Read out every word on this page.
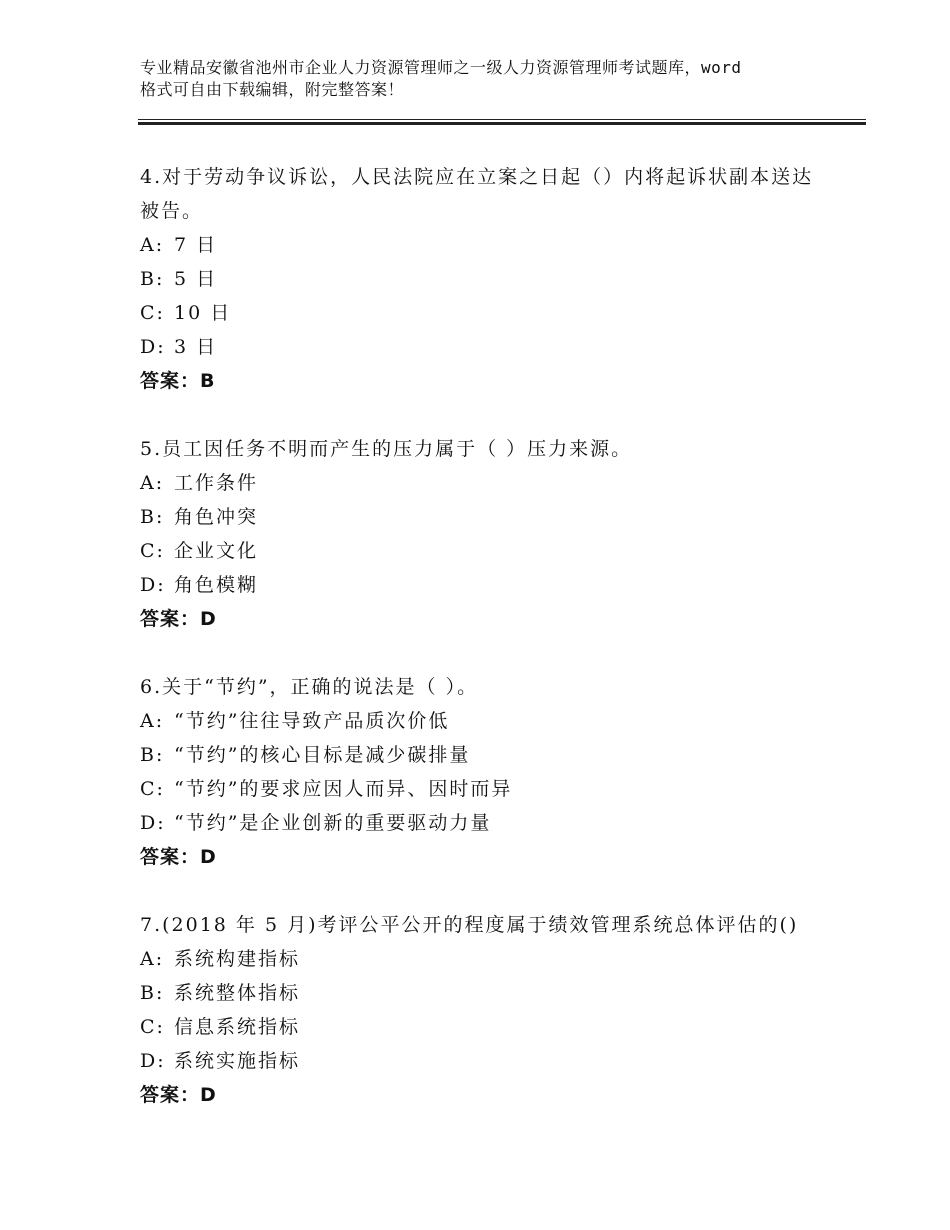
专业精品安徽省池州市企业人力资源管理师之一级人力资源管理师考试题库，word
格式可自由下载编辑，附完整答案！
4.对于劳动争议诉讼，人民法院应在立案之日起（）内将起诉状副本送达被告。
A: 7 日
B: 5 日
C: 10 日
D: 3 日
答案：B
5.员工因任务不明而产生的压力属于（ ）压力来源。
A: 工作条件
B: 角色冲突
C: 企业文化
D: 角色模糊
答案：D
6.关于“节约”，正确的说法是（ ）。
A: “节约”往往导致产品质次价低
B: “节约”的核心目标是减少碳排量
C: “节约”的要求应因人而异、因时而异
D: “节约”是企业创新的重要驱动力量
答案：D
7.(2018 年 5 月)考评公平公开的程度属于绩效管理系统总体评估的()
A: 系统构建指标
B: 系统整体指标
C: 信息系统指标
D: 系统实施指标
答案：D
